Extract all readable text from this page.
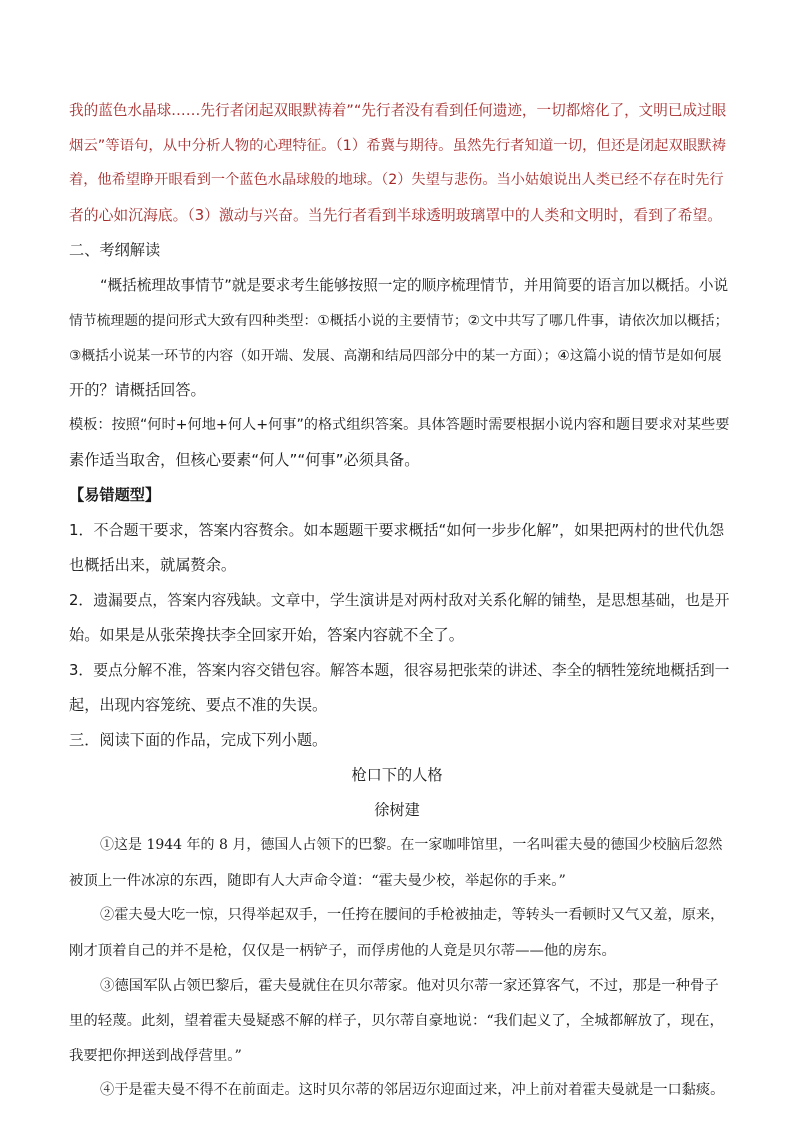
我的蓝色水晶球……先行者闭起双眼默祷着”“先行者没有看到任何遗迹，一切都熔化了，文明已成过眼
烟云”等语句，从中分析人物的心理特征。（1）希冀与期待。虽然先行者知道一切，但还是闭起双眼默祷
着，他希望睁开眼看到一个蓝色水晶球般的地球。（2）失望与悲伤。当小姑娘说出人类已经不存在时先行
者的心如沉海底。（3）激动与兴奋。当先行者看到半球透明玻璃罩中的人类和文明时，看到了希望。
二、考纲解读
“概括梳理故事情节”就是要求考生能够按照一定的顺序梳理情节，并用简要的语言加以概括。小说
情节梳理题的提问形式大致有四种类型：①概括小说的主要情节；②文中共写了哪几件事，请依次加以概括；
③概括小说某一环节的内容（如开端、发展、高潮和结局四部分中的某一方面）；④这篇小说的情节是如何展
开的？请概括回答。
模板：按照“何时+何地+何人+何事”的格式组织答案。具体答题时需要根据小说内容和题目要求对某些要
素作适当取舍，但核心要素“何人”“何事”必须具备。
【易错题型】
1．不合题干要求，答案内容赘余。如本题题干要求概括“如何一步步化解”，如果把两村的世代仇怨
也概括出来，就属赘余。
2．遗漏要点，答案内容残缺。文章中，学生演讲是对两村敌对关系化解的铺垫，是思想基础，也是开
始。如果是从张荣搀扶李全回家开始，答案内容就不全了。
3．要点分解不准，答案内容交错包容。解答本题，很容易把张荣的讲述、李全的牺牲笼统地概括到一
起，出现内容笼统、要点不准的失误。
三．阅读下面的作品，完成下列小题。
枪口下的人格
徐树建
①这是 1944 年的 8 月，德国人占领下的巴黎。在一家咖啡馆里，一名叫霍夫曼的德国少校脑后忽然
被顶上一件冰凉的东西，随即有人大声命令道：“霍夫曼少校，举起你的手来。”
②霍夫曼大吃一惊，只得举起双手，一任挎在腰间的手枪被抽走，等转头一看顿时又气又羞，原来，
刚才顶着自己的并不是枪，仅仅是一柄铲子，而俘虏他的人竟是贝尔蒂——他的房东。
③德国军队占领巴黎后，霍夫曼就住在贝尔蒂家。他对贝尔蒂一家还算客气，不过，那是一种骨子
里的轻蔑。此刻，望着霍夫曼疑惑不解的样子，贝尔蒂自豪地说：“我们起义了，全城都解放了，现在，
我要把你押送到战俘营里。”
④于是霍夫曼不得不在前面走。这时贝尔蒂的邻居迈尔迎面过来，冲上前对着霍夫曼就是一口黏痰。
